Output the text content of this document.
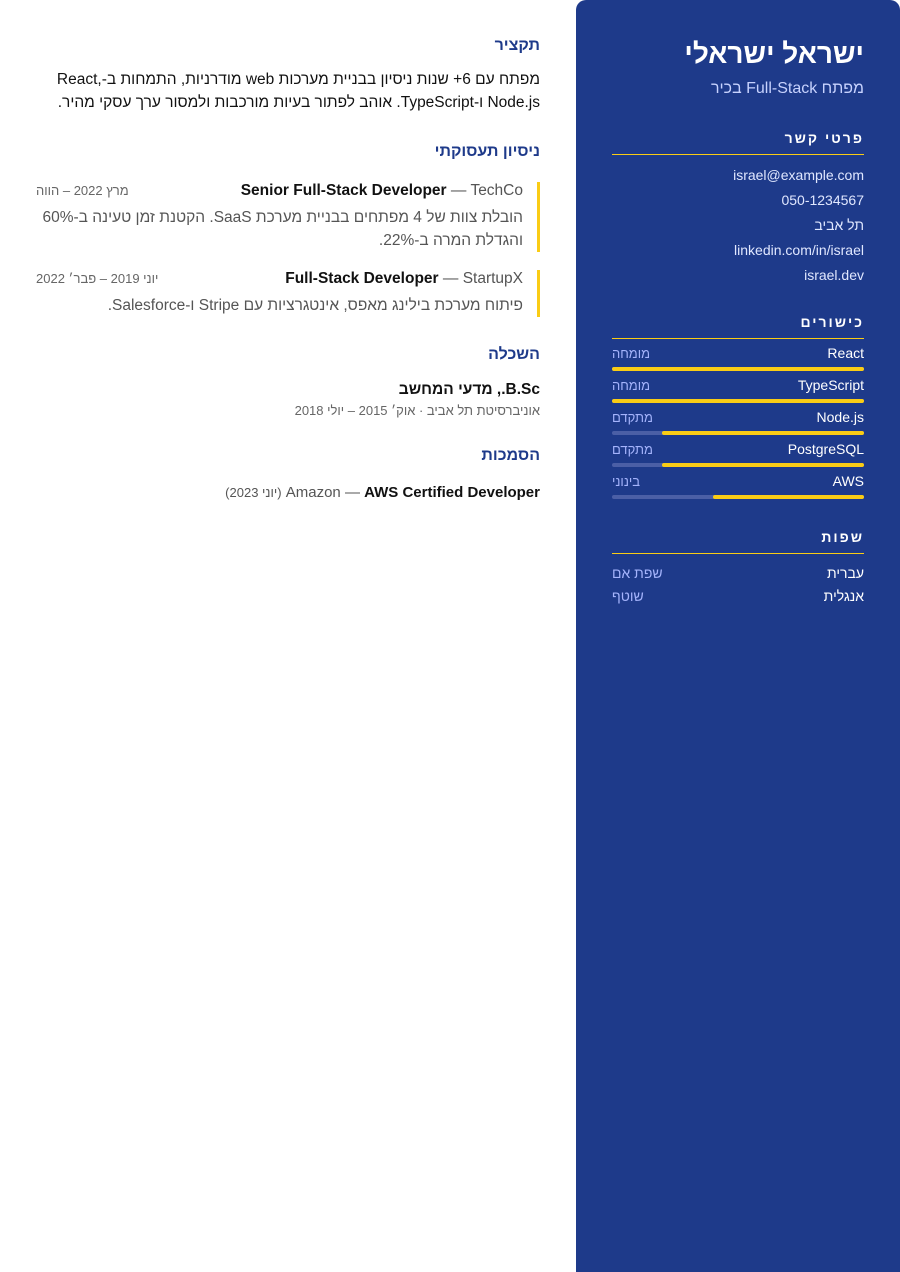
ישראל ישראלי
מפתח Full-Stack בכיר
פרטי קשר
israel@example.com
050-1234567
תל אביב
linkedin.com/in/israel
israel.dev
כישורים
React
מומחה
TypeScript
מומחה
Node.js
מתקדם
PostgreSQL
מתקדם
AWS
בינוני
שפות
עברית
שפת אם
אנגלית
שוטף
תקציר

מפתח עם 6+ שנות ניסיון בבניית מערכות web מודרניות, התמחות ב-React, Node.js ו-TypeScript. אוהב לפתור בעיות מורכבות ולמסור ערך עסקי מהיר.

ניסיון תעסוקתי
Senior Full-Stack Developer — TechCo
מרץ 2022 – הווה
הובלת צוות של 4 מפתחים בבניית מערכת SaaS. הקטנת זמן טעינה ב-60% והגדלת המרה ב-22%.
Full-Stack Developer — StartupX
יוני 2019 – פבר׳ 2022
פיתוח מערכת בילינג מאפס, אינטגרציות עם Stripe ו-Salesforce.
השכלה
B.Sc., מדעי המחשב
אוניברסיטת תל אביב · אוק׳ 2015 – יולי 2018
הסמכות
Amazon — AWS Certified Developer (יוני 2023)
